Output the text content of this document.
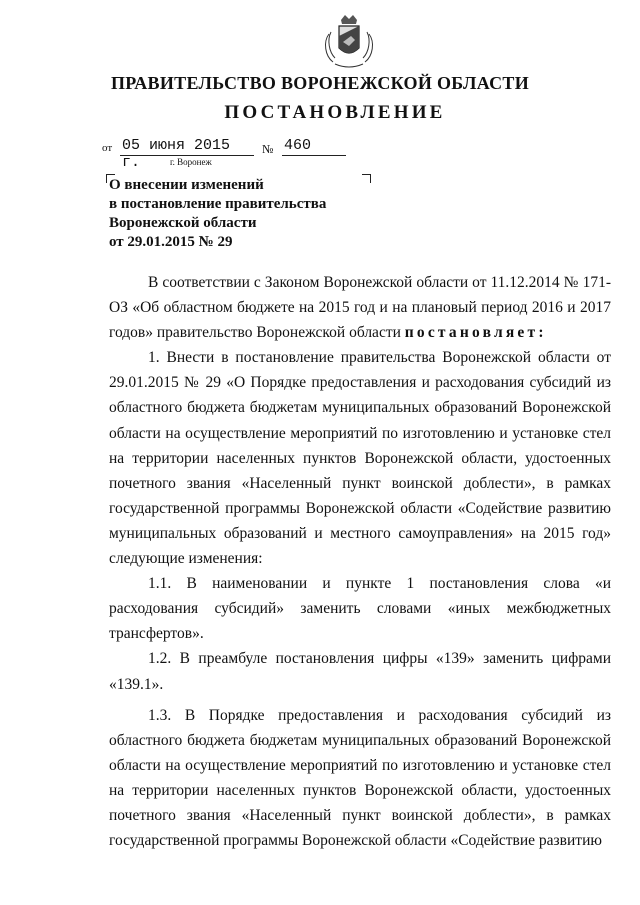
ПРАВИТЕЛЬСТВО ВОРОНЕЖСКОЙ ОБЛАСТИ
ПОСТАНОВЛЕНИЕ
от 05 июня 2015 г.
№ 460
г. Воронеж
О внесении изменений
в постановление правительства
Воронежской области
от 29.01.2015 № 29

В соответствии с Законом Воронежской области от 11.12.2014 № 171-ОЗ «Об областном бюджете на 2015 год и на плановый период 2016 и 2017 годов» правительство Воронежской области постановляет:

1. Внести в постановление правительства Воронежской области от 29.01.2015 № 29 «О Порядке предоставления и расходования субсидий из областного бюджета бюджетам муниципальных образований Воронежской области на осуществление мероприятий по изготовлению и установке стел на территории населенных пунктов Воронежской области, удостоенных почетного звания «Населенный пункт воинской доблести», в рамках государственной программы Воронежской области «Содействие развитию муниципальных образований и местного самоуправления» на 2015 год» следующие изменения:

1.1. В наименовании и пункте 1 постановления слова «и расходования субсидий» заменить словами «иных межбюджетных трансфертов».

1.2. В преамбуле постановления цифры «139» заменить цифрами «139.1».

1.3. В Порядке предоставления и расходования субсидий из областного бюджета бюджетам муниципальных образований Воронежской области на осуществление мероприятий по изготовлению и установке стел на территории населенных пунктов Воронежской области, удостоенных почетного звания «Населенный пункт воинской доблести», в рамках государственной программы Воронежской области «Содействие развитию
